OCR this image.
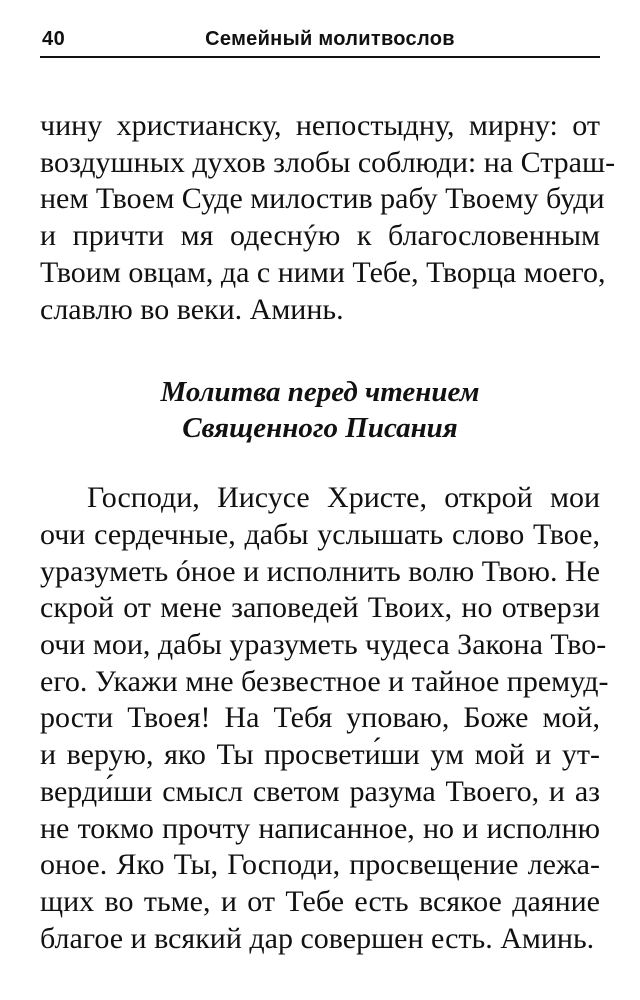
40	Семейный молитвослов
чину христианску, непостыдну, мирну: от
воздушных духов злобы соблюди: на Страш-
нем Твоем Суде милостив рабу Твоему буди
и причти мя одеснýю к благословенным
Твоим овцам, да с ними Тебе, Творца моего,
славлю во веки. Аминь.
Молитва перед чтением
Священного Писания
Господи, Иисусе Христе, открой мои
очи сердечные, дабы услышать слово Твое,
уразуметь óное и исполнить волю Твою. Не
скрой от мене заповедей Твоих, но отверзи
очи мои, дабы уразуметь чудеса Закона Тво-
его. Укажи мне безвестное и тайное премуд-
рости Твоея! На Тебя уповаю, Боже мой,
и верую, яко Ты просвети́ши ум мой и ут-
верди́ши смысл светом разума Твоего, и аз
не токмо прочту написанное, но и исполню
оное. Яко Ты, Господи, просвещение лежа-
щих во тьме, и от Тебе есть всякое даяние
благое и всякий дар совершен есть. Аминь.
